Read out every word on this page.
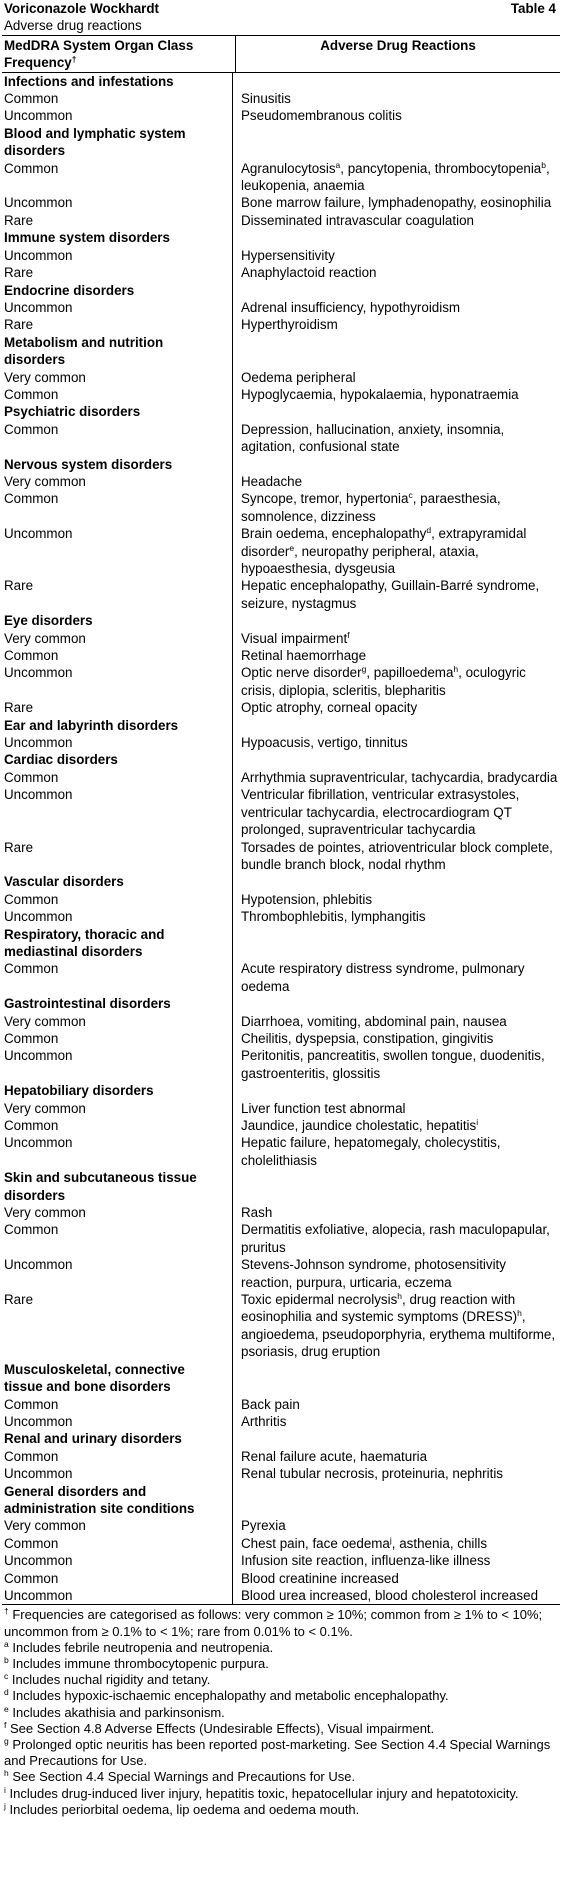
Voriconazole Wockhardt	Table 4
Adverse drug reactions
MedDRA System Organ Class Frequency†
Adverse Drug Reactions
Infections and infestations
Common	Sinusitis
Uncommon	Pseudomembranous colitis
Blood and lymphatic system disorders
Common	Agranulocytosis$^a$, pancytopenia, thrombocytopenia$^b$, leukopenia, anaemia
Uncommon	Bone marrow failure, lymphadenopathy, eosinophilia
Rare	Disseminated intravascular coagulation
Immune system disorders
Uncommon	Hypersensitivity
Rare	Anaphylactoid reaction
Endocrine disorders
Uncommon	Adrenal insufficiency, hypothyroidism
Rare	Hyperthyroidism
Metabolism and nutrition disorders
Very common	Oedema peripheral
Common	Hypoglycaemia, hypokalaemia, hyponatraemia
Psychiatric disorders
Common	Depression, hallucination, anxiety, insomnia, agitation, confusional state
Nervous system disorders
Very common	Headache
Common	Syncope, tremor, hypertonia$^c$, paraesthesia, somnolence, dizziness
Uncommon	Brain oedema, encephalopathy$^d$, extrapyramidal disorder$^e$, neuropathy peripheral, ataxia, hypoaesthesia, dysgeusia
Rare	Hepatic encephalopathy, Guillain-Barré syndrome, seizure, nystagmus
Eye disorders
Very common	Visual impairment$^f$
Common	Retinal haemorrhage
Uncommon	Optic nerve disorder$^g$, papilloedema$^h$, oculogyric crisis, diplopia, scleritis, blepharitis
Rare	Optic atrophy, corneal opacity
Ear and labyrinth disorders
Uncommon	Hypoacusis, vertigo, tinnitus
Cardiac disorders
Common	Arrhythmia supraventricular, tachycardia, bradycardia
Uncommon	Ventricular fibrillation, ventricular extrasystoles, ventricular tachycardia, electrocardiogram QT prolonged, supraventricular tachycardia
Rare	Torsades de pointes, atrioventricular block complete, bundle branch block, nodal rhythm
Vascular disorders
Common	Hypotension, phlebitis
Uncommon	Thrombophlebitis, lymphangitis
Respiratory, thoracic and mediastinal disorders
Common	Acute respiratory distress syndrome, pulmonary oedema
Gastrointestinal disorders
Very common	Diarrhoea, vomiting, abdominal pain, nausea
Common	Cheilitis, dyspepsia, constipation, gingivitis
Uncommon	Peritonitis, pancreatitis, swollen tongue, duodenitis, gastroenteritis, glossitis
Hepatobiliary disorders
Very common	Liver function test abnormal
Common	Jaundice, jaundice cholestatic, hepatitis$^i$
Uncommon	Hepatic failure, hepatomegaly, cholecystitis, cholelithiasis
Skin and subcutaneous tissue disorders
Very common	Rash
Common	Dermatitis exfoliative, alopecia, rash maculopapular, pruritus
Uncommon	Stevens-Johnson syndrome, photosensitivity reaction, purpura, urticaria, eczema
Rare	Toxic epidermal necrolysis$^h$, drug reaction with eosinophilia and systemic symptoms (DRESS)$^h$, angioedema, pseudoporphyria, erythema multiforme, psoriasis, drug eruption
Musculoskeletal, connective tissue and bone disorders
Common	Back pain
Uncommon	Arthritis
Renal and urinary disorders
Common	Renal failure acute, haematuria
Uncommon	Renal tubular necrosis, proteinuria, nephritis
General disorders and administration site conditions
Very common	Pyrexia
Common	Chest pain, face oedema$^j$, asthenia, chills
Uncommon	Infusion site reaction, influenza-like illness
Common	Blood creatinine increased
Uncommon	Blood urea increased, blood cholesterol increased

† Frequencies are categorised as follows: very common ≥ 10%; common from ≥ 1% to < 10%; uncommon from ≥ 0.1% to < 1%; rare from 0.01% to < 0.1%.

$^a$ Includes febrile neutropenia and neutropenia.

$^b$ Includes immune thrombocytopenic purpura.

$^c$ Includes nuchal rigidity and tetany.

$^d$ Includes hypoxic-ischaemic encephalopathy and metabolic encephalopathy.

$^e$ Includes akathisia and parkinsonism.

$^f$ See Section 4.8 Adverse Effects (Undesirable Effects), Visual impairment.

$^g$ Prolonged optic neuritis has been reported post-marketing. See Section 4.4 Special Warnings and Precautions for Use.

$^h$ See Section 4.4 Special Warnings and Precautions for Use.

$^i$ Includes drug-induced liver injury, hepatitis toxic, hepatocellular injury and hepatotoxicity.

$^j$ Includes periorbital oedema, lip oedema and oedema mouth.
